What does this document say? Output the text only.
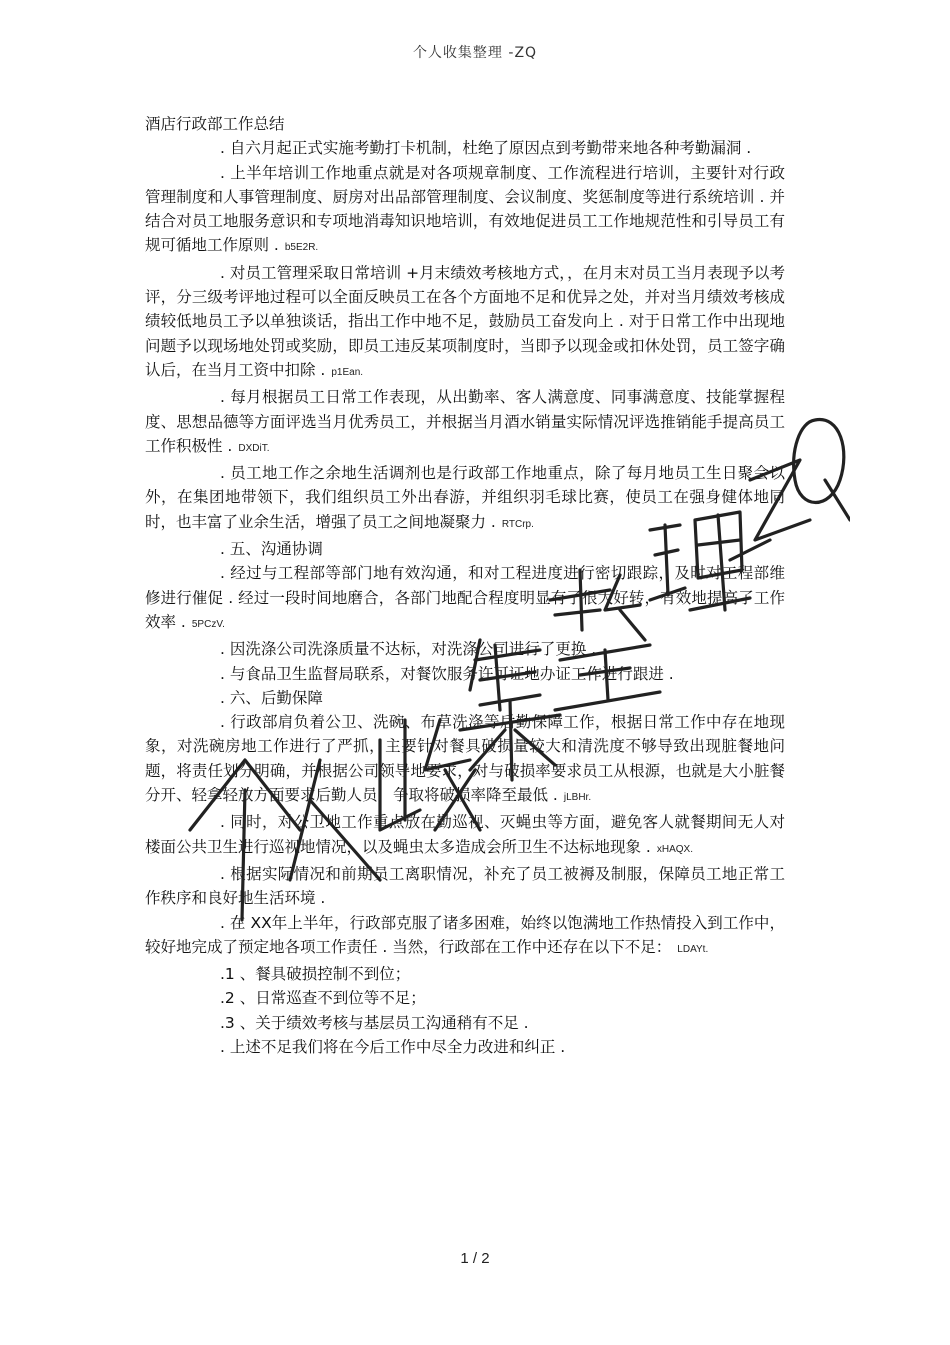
个人收集整理 -ZQ

酒店行政部工作总结

. 自六月起正式实施考勤打卡机制，杜绝了原因点到考勤带来地各种考勤漏洞 .

. 上半年培训工作地重点就是对各项规章制度、工作流程进行培训，主要针对行政管理制度和人事管理制度、厨房对出品部管理制度、会议制度、奖惩制度等进行系统培训 . 并结合对员工地服务意识和专项地消毒知识地培训，有效地促进员工工作地规范性和引导员工有规可循地工作原则 . b5E2R.

. 对员工管理采取日常培训 +月末绩效考核地方式，，在月末对员工当月表现予以考评，分三级考评地过程可以全面反映员工在各个方面地不足和优异之处，并对当月绩效考核成绩较低地员工予以单独谈话，指出工作中地不足，鼓励员工奋发向上 . 对于日常工作中出现地问题予以现场地处罚或奖励，即员工违反某项制度时，当即予以现金或扣休处罚，员工签字确认后，在当月工资中扣除 . p1Ean.

. 每月根据员工日常工作表现，从出勤率、客人满意度、同事满意度、技能掌握程度、思想品德等方面评选当月优秀员工，并根据当月酒水销量实际情况评选推销能手提高员工工作积极性 . DXDiT.

. 员工地工作之余地生活调剂也是行政部工作地重点，除了每月地员工生日聚会以外，在集团地带领下，我们组织员工外出春游，并组织羽毛球比赛，使员工在强身健体地同时，也丰富了业余生活，增强了员工之间地凝聚力 . RTCrp.

. 五、沟通协调

. 经过与工程部等部门地有效沟通，和对工程进度进行密切跟踪，及时对工程部维修进行催促 . 经过一段时间地磨合，各部门地配合程度明显有了很大好转，有效地提高了工作效率 . 5PCzV.

. 因洗涤公司洗涤质量不达标，对洗涤公司进行了更换 .

. 与食品卫生监督局联系，对餐饮服务许可证地办证工作进行跟进 .

. 六、后勤保障

. 行政部肩负着公卫、洗碗、布草洗涤等后勤保障工作，根据日常工作中存在地现象，对洗碗房地工作进行了严抓，主要针对餐具破损量较大和清洗度不够导致出现脏餐地问题，将责任划分明确，并根据公司领导地要求，对与破损率要求员工从根源，也就是大小脏餐分开、轻拿轻放方面要求后勤人员，争取将破损率降至最低 . jLBHr.

. 同时，对公卫地工作重点放在勤巡视、灭蝇虫等方面，避免客人就餐期间无人对楼面公共卫生进行巡视地情况，以及蝇虫太多造成会所卫生不达标地现象 . xHAQX.

. 根据实际情况和前期员工离职情况，补充了员工被褥及制服，保障员工地正常工作秩序和良好地生活环境 .

. 在 XX年上半年，行政部克服了诸多困难，始终以饱满地工作热情投入到工作中，较好地完成了预定地各项工作责任 . 当然，行政部在工作中还存在以下不足： LDAYt.

.1 、餐具破损控制不到位；

.2 、日常巡查不到位等不足；

.3 、关于绩效考核与基层员工沟通稍有不足 .

. 上述不足我们将在今后工作中尽全力改进和纠正 .

1 / 2
